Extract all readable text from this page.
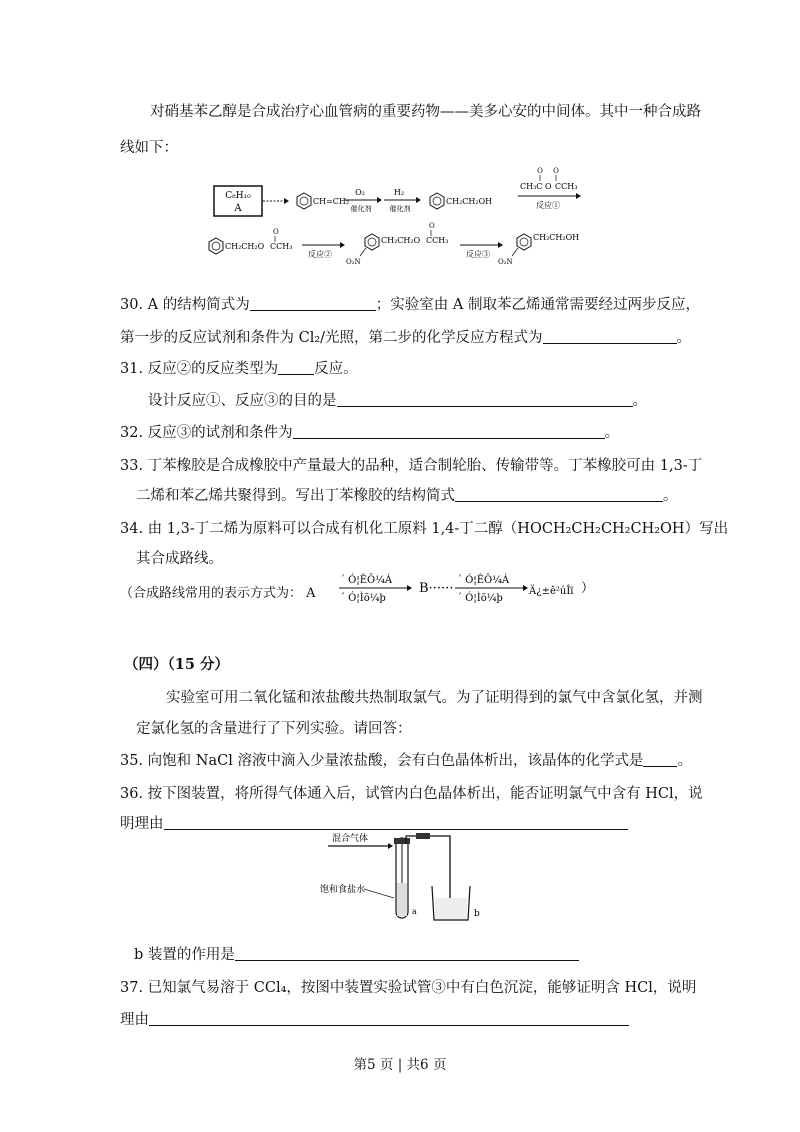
对硝基苯乙醇是合成治疗心血管病的重要药物——美多心安的中间体。其中一种合成路
线如下：
C₈H₁₀
A
CH=CH₂
O₂
催化剂
H₂
催化剂
CH₂CH₂OH
O O
CH₃C O CCH₃
反应①
CH₂CH₂O CCH₃
O
反应②
O₂N
CH₂CH₂O CCH₃
O
反应③
O₂N
CH₂CH₂OH
30. A 的结构简式为	；实验室由 A 制取苯乙烯通常需要经过两步反应，
第一步的反应试剂和条件为 Cl₂/光照，第二步的化学反应方程式为	。
31. 反应②的反应类型为 反应。
设计反应①、反应③的目的是	。
32. 反应③的试剂和条件为	。
33. 丁苯橡胶是合成橡胶中产量最大的品种，适合制轮胎、传输带等。丁苯橡胶可由 1,3-丁
二烯和苯乙烯共聚得到。写出丁苯橡胶的结构简式	。
34. 由 1,3-丁二烯为原料可以合成有机化工原料 1,4-丁二醇（HOCH₂CH₂CH₂CH₂OH）写出
其合成路线。
（合成路线常用的表示方式为： A
´ Ó¦ÊÔ¼Á
´ Ó¦Ìõ¼þ
B······
´ Ó¦ÊÔ¼Á
´ Ó¦Ìõ¼þ
Ä¿±ê²úÎï ）
（四）（15 分）
实验室可用二氧化锰和浓盐酸共热制取氯气。为了证明得到的氯气中含氯化氢，并测
定氯化氢的含量进行了下列实验。请回答：
35. 向饱和 NaCl 溶液中滴入少量浓盐酸，会有白色晶体析出，该晶体的化学式是 。
36. 按下图装置，将所得气体通入后，试管内白色晶体析出，能否证明氯气中含有 HCl，说
明理由
混合气体
饱和食盐水
a	b
b 装置的作用是
37. 已知氯气易溶于 CCl₄，按图中装置实验试管③中有白色沉淀，能够证明含 HCl，说明
理由
第5 页 | 共6 页
